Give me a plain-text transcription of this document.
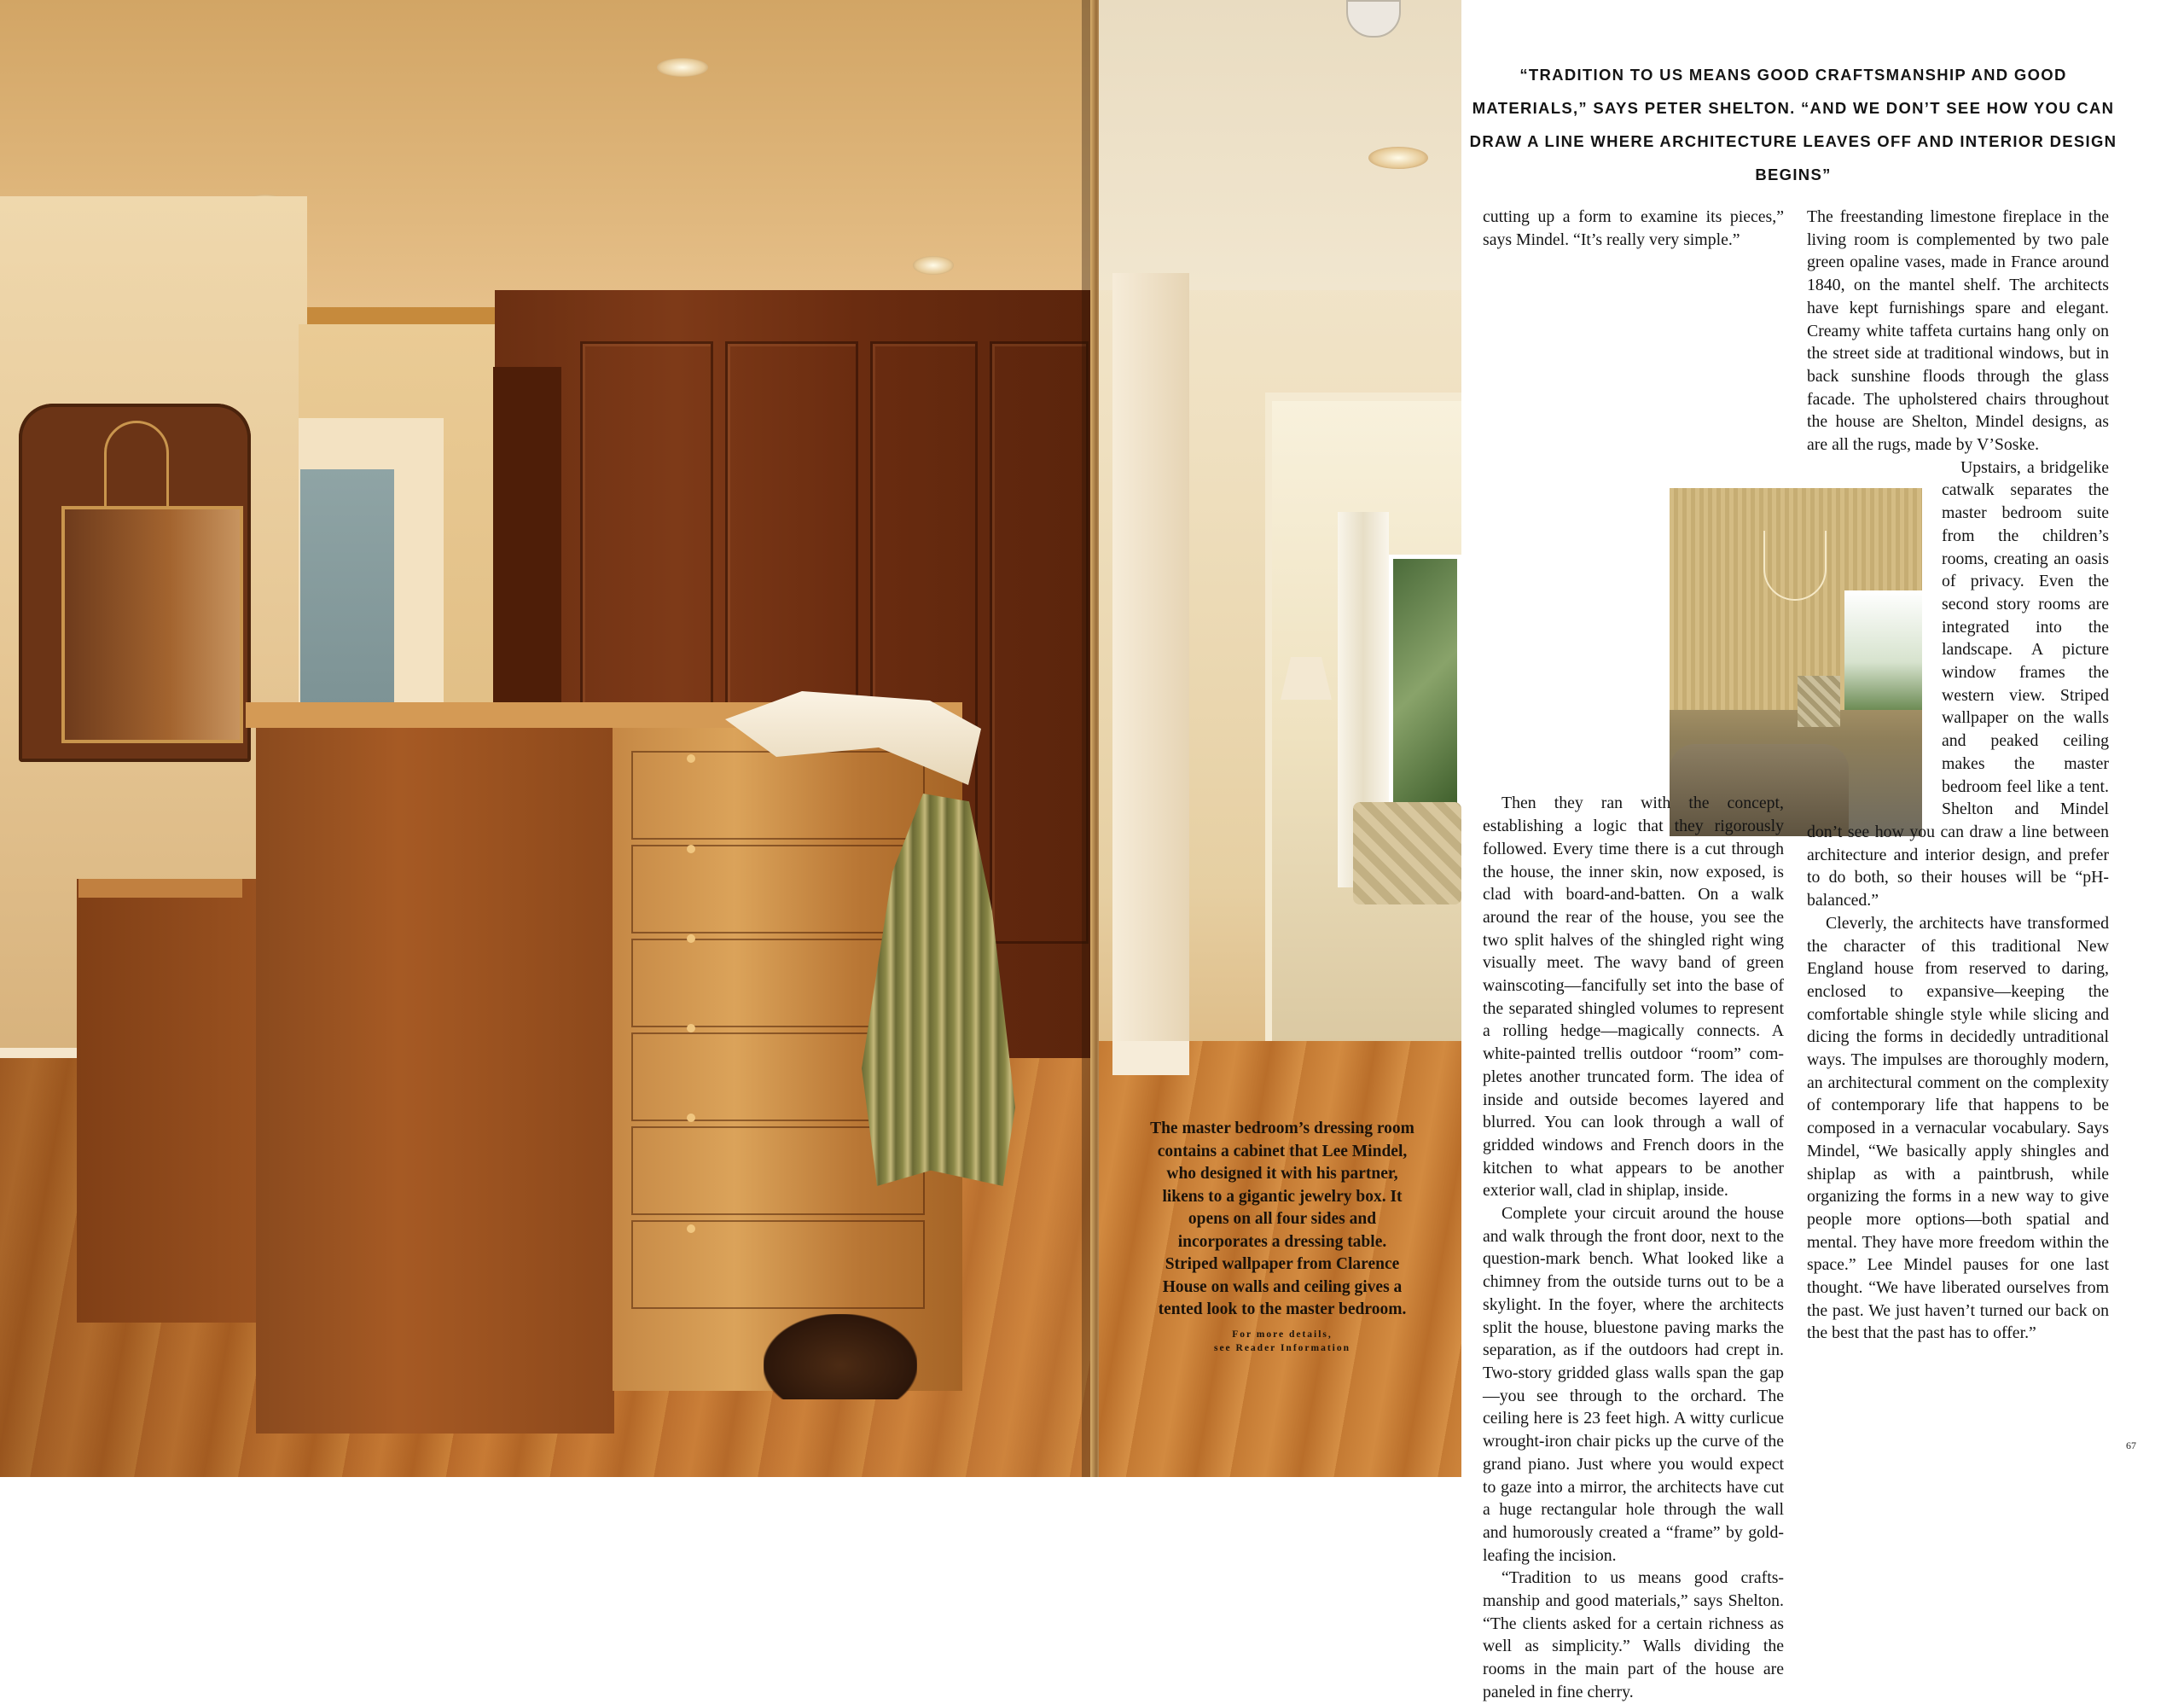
The master bedroom’s dressing room contains a cabinet that Lee Mindel, who designed it with his partner, likens to a gigantic jewelry box. It opens on all four sides and incorporates a dressing table. Striped wallpaper from Clarence House on walls and ceiling gives a tented look to the master bedroom.
For more details,
see Reader Information
“TRADITION TO US MEANS GOOD CRAFTSMANSHIP AND GOOD MATERIALS,” SAYS PETER SHELTON. “AND WE DON’T SEE HOW YOU CAN DRAW A LINE WHERE ARCHITECTURE LEAVES OFF AND INTERIOR DESIGN BEGINS”

cutting up a form to examine its pieces,” says Mindel. “It’s really very simple.”

Then they ran with the concept, establishing a logic that they rigorously followed. Every time there is a cut through the house, the inner skin, now exposed, is clad with board-and-batten. On a walk around the rear of the house, you see the two split halves of the shingled right wing visually meet. The wavy band of green wainscoting—fancifully set into the base of the separated shingled volumes to represent a rolling hedge—magically connects. A white-painted trellis outdoor “room” completes another truncated form. The idea of inside and outside becomes layered and blurred. You can look through a wall of gridded windows and French doors in the kitchen to what appears to be another exterior wall, clad in shiplap, inside.

Complete your circuit around the house and walk through the front door, next to the question-mark bench. What looked like a chimney from the outside turns out to be a skylight. In the foyer, where the architects split the house, bluestone paving marks the separation, as if the outdoors had crept in. Two-story gridded glass walls span the gap—you see through to the orchard. The ceiling here is 23 feet high. A witty curlicue wrought-iron chair picks up the curve of the grand piano. Just where you would expect to gaze into a mirror, the architects have cut a huge rectangular hole through the wall and humorously created a “frame” by gold-leafing the incision.

“Tradition to us means good craftsmanship and good materials,” says Shelton. “The clients asked for a certain richness as well as simplicity.” Walls dividing the rooms in the main part of the house are paneled in fine cherry.

The freestanding limestone fireplace in the living room is complemented by two pale green opaline vases, made in France around 1840, on the mantel shelf. The architects have kept furnishings spare and elegant. Creamy white taffeta curtains hang only on the street side at traditional windows, but in back sunshine floods through the glass facade. The upholstered chairs throughout the house are Shelton, Mindel designs, as are all the rugs, made by V’Soske.

Upstairs, a bridgelike catwalk separates the master bedroom suite from the children’s rooms, creating an oasis of privacy. Even the second story rooms are integrated into the landscape. A picture window frames the western view. Striped wallpaper on the walls and peaked ceiling makes the master bedroom feel like a tent. Shelton and Mindel don’t see how you can draw a line between architecture and interior design, and prefer to do both, so their houses will be “pH-balanced.”

Cleverly, the architects have transformed the character of this traditional New England house from reserved to daring, enclosed to expansive—keeping the comfortable shingle style while slicing and dicing the forms in decidedly untraditional ways. The impulses are thoroughly modern, an architectural comment on the complexity of contemporary life that happens to be composed in a vernacular vocabulary. Says Mindel, “We basically apply shingles and shiplap as with a paintbrush, while organizing the forms in a new way to give people more options—both spatial and mental. They have more freedom within the space.” Lee Mindel pauses for one last thought. “We have liberated ourselves from the past. We just haven’t turned our back on the best that the past has to offer.”

67
